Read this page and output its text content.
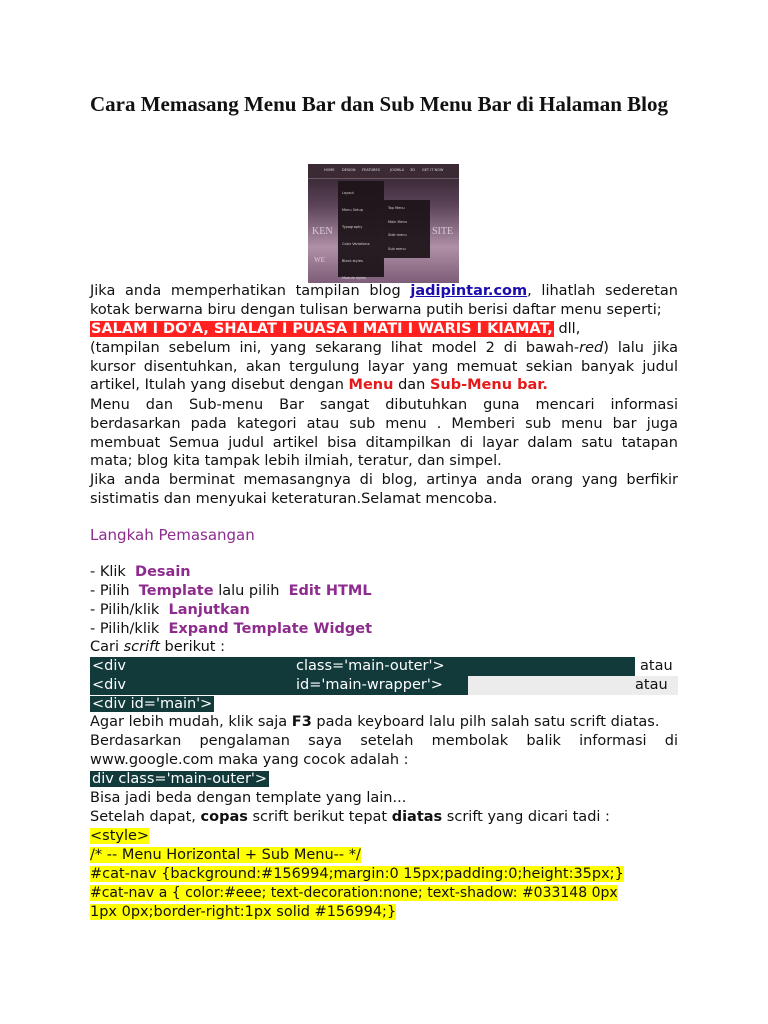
Cara Memasang Menu Bar dan Sub Menu Bar di Halaman Blog
HOME DESIGN FEATURES	JOOMLA 3D GET IT NOW
KEN	SITE
WE
Layout
Menu Setup
Typography
Color Variations
Block styles
Module styles
Top Menu
Main Menu
Side menu
Sub menu

Jika anda memperhatikan tampilan blog jadipintar.com, lihatlah sederetan

kotak berwarna biru dengan tulisan berwarna putih berisi daftar menu seperti;

SALAM I DO'A, SHALAT I PUASA I MATI I WARIS I KIAMAT, dll,

(tampilan sebelum ini, yang sekarang lihat model 2 di bawah-red) lalu jika

kursor disentuhkan, akan tergulung layar yang memuat sekian banyak judul

artikel, Itulah yang disebut dengan Menu dan Sub-Menu bar.

Menu dan Sub-menu Bar sangat dibutuhkan guna mencari informasi

berdasarkan pada kategori atau sub menu . Memberi sub menu bar juga

membuat Semua judul artikel bisa ditampilkan di layar dalam satu tatapan

mata; blog kita tampak lebih ilmiah, teratur, dan simpel.

Jika anda berminat memasangnya di blog, artinya anda orang yang berfikir

sistimatis dan menyukai keteraturan.Selamat mencoba.

Langkah Pemasangan

- Klik Desain

- Pilih Template lalu pilih Edit HTML

- Pilih/klik Lanjutkan

- Pilih/klik Expand Template Widget

Cari scrift berikut :

<div	class='main-outer'>	atau
<div	id='main-wrapper'>	atau
<div id='main'>

Agar lebih mudah, klik saja F3 pada keyboard lalu pilh salah satu scrift diatas.

Berdasarkan pengalaman saya setelah membolak balik informasi di

www.google.com maka yang cocok adalah :

div class='main-outer'>

Bisa jadi beda dengan template yang lain...

Setelah dapat, copas scrift berikut tepat diatas scrift yang dicari tadi :

<style>

/* -- Menu Horizontal + Sub Menu-- */

#cat-nav {background:#156994;margin:0 15px;padding:0;height:35px;}

#cat-nav a { color:#eee; text-decoration:none; text-shadow: #033148 0px

1px 0px;border-right:1px solid #156994;}
